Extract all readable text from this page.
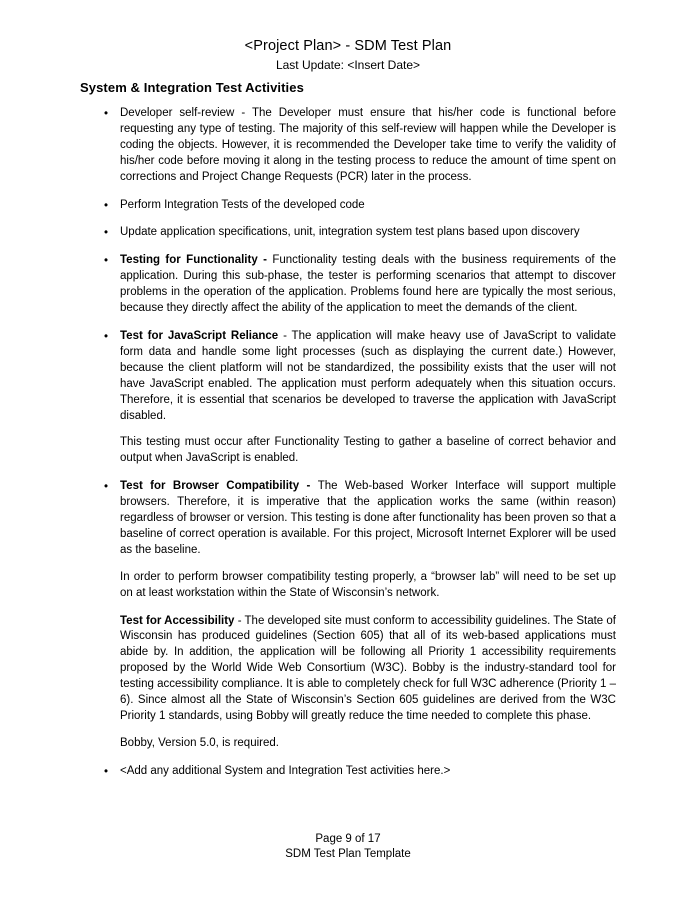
<Project Plan> - SDM Test Plan
Last Update: <Insert Date>
System & Integration Test Activities

• Developer self-review - The Developer must ensure that his/her code is functional before requesting any type of testing. The majority of this self-review will happen while the Developer is coding the objects. However, it is recommended the Developer take time to verify the validity of his/her code before moving it along in the testing process to reduce the amount of time spent on corrections and Project Change Requests (PCR) later in the process.

• Perform Integration Tests of the developed code

• Update application specifications, unit, integration system test plans based upon discovery

• Testing for Functionality - Functionality testing deals with the business requirements of the application. During this sub-phase, the tester is performing scenarios that attempt to discover problems in the operation of the application. Problems found here are typically the most serious, because they directly affect the ability of the application to meet the demands of the client.

• Test for JavaScript Reliance - The application will make heavy use of JavaScript to validate form data and handle some light processes (such as displaying the current date.) However, because the client platform will not be standardized, the possibility exists that the user will not have JavaScript enabled. The application must perform adequately when this situation occurs. Therefore, it is essential that scenarios be developed to traverse the application with JavaScript disabled.

This testing must occur after Functionality Testing to gather a baseline of correct behavior and output when JavaScript is enabled.

• Test for Browser Compatibility - The Web-based Worker Interface will support multiple browsers. Therefore, it is imperative that the application works the same (within reason) regardless of browser or version. This testing is done after functionality has been proven so that a baseline of correct operation is available. For this project, Microsoft Internet Explorer will be used as the baseline.

In order to perform browser compatibility testing properly, a “browser lab” will need to be set up on at least workstation within the State of Wisconsin’s network.

Test for Accessibility - The developed site must conform to accessibility guidelines. The State of Wisconsin has produced guidelines (Section 605) that all of its web-based applications must abide by. In addition, the application will be following all Priority 1 accessibility requirements proposed by the World Wide Web Consortium (W3C). Bobby is the industry-standard tool for testing accessibility compliance. It is able to completely check for full W3C adherence (Priority 1 – 6). Since almost all the State of Wisconsin’s Section 605 guidelines are derived from the W3C Priority 1 standards, using Bobby will greatly reduce the time needed to complete this phase.

Bobby, Version 5.0, is required.

• <Add any additional System and Integration Test activities here.>

Page 9 of 17
SDM Test Plan Template
